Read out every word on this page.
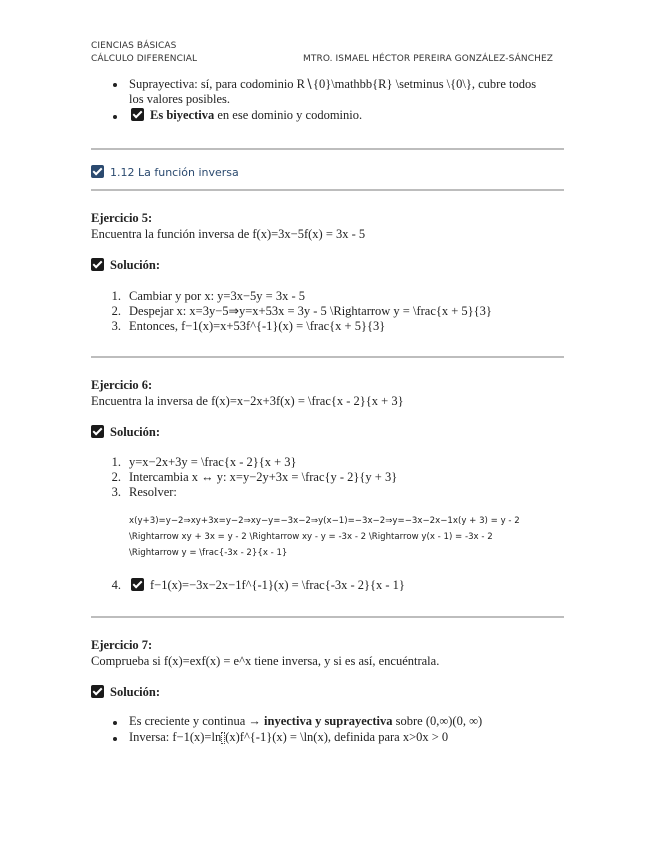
CIENCIAS BÁSICAS
CÁLCULO DIFERENCIAL	MTRO. ISMAEL HÉCTOR PEREIRA GONZÁLEZ-SÁNCHEZ
Suprayectiva: sí, para codominio R∖{0}\mathbb{R} \setminus \{0\}, cubre todos
los valores posibles.
Es biyectiva en ese dominio y codominio.
1.12 La función inversa
Ejercicio 5:
Encuentra la función inversa de f(x)=3x−5f(x) = 3x - 5
Solución:
1. Cambiar y por x: y=3x−5y = 3x - 5
2. Despejar x: x=3y−5⇒y=x+53x = 3y - 5 \Rightarrow y = \frac{x + 5}{3}
3. Entonces, f−1(x)=x+53f^{-1}(x) = \frac{x + 5}{3}
Ejercicio 6:
Encuentra la inversa de f(x)=x−2x+3f(x) = \frac{x - 2}{x + 3}
Solución:
1. y=x−2x+3y = \frac{x - 2}{x + 3}
2. Intercambia x ↔ y: x=y−2y+3x = \frac{y - 2}{y + 3}
3. Resolver:
x(y+3)=y−2⇒xy+3x=y−2⇒xy−y=−3x−2⇒y(x−1)=−3x−2⇒y=−3x−2x−1x(y + 3) = y - 2
\Rightarrow xy + 3x = y - 2 \Rightarrow xy - y = -3x - 2 \Rightarrow y(x - 1) = -3x - 2
\Rightarrow y = \frac{-3x - 2}{x - 1}
4.	f−1(x)=−3x−2x−1f^{-1}(x) = \frac{-3x - 2}{x - 1}
Ejercicio 7:
Comprueba si f(x)=exf(x) = e^x tiene inversa, y si es así, encuéntrala.
Solución:
Es creciente y continua → inyectiva y suprayectiva sobre (0,∞)(0, ∞)
Inversa: f−1(x)=ln (x)f^{-1}(x) = \ln(x), definida para x>0x > 0
